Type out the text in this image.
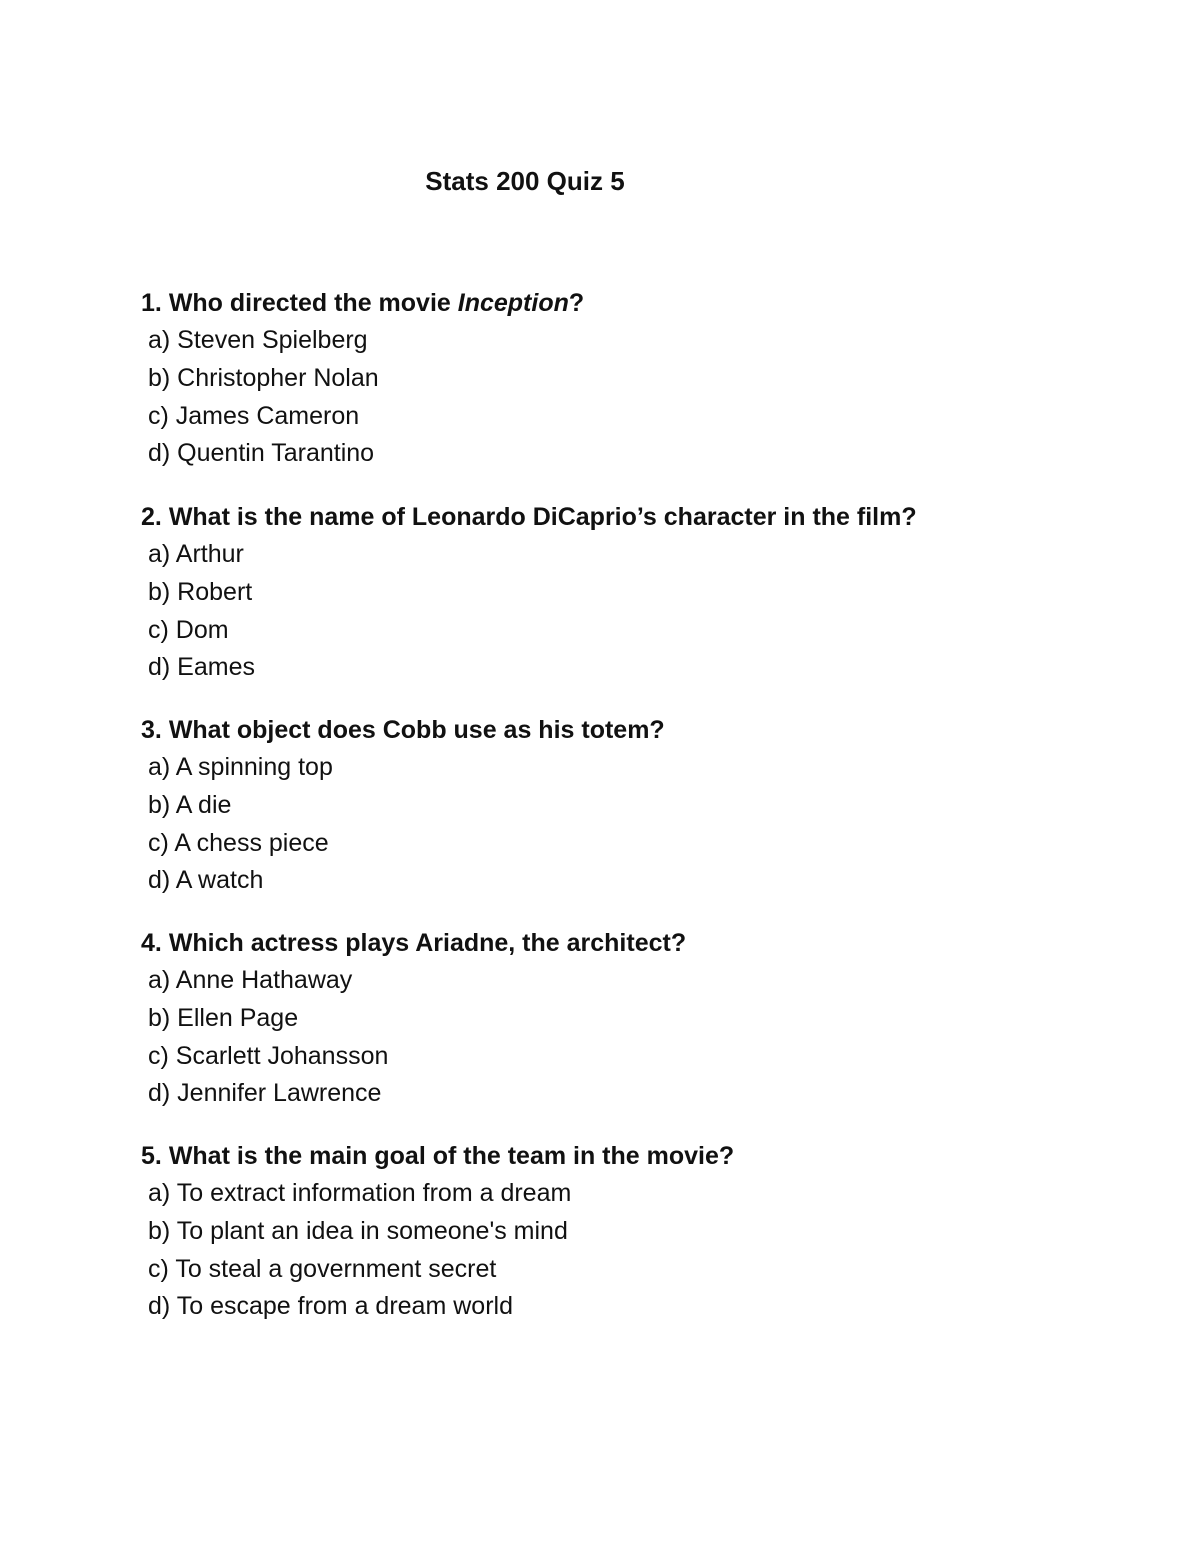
Stats 200 Quiz 5

1. Who directed the movie Inception?

a) Steven Spielberg
b) Christopher Nolan
c) James Cameron
d) Quentin Tarantino

2. What is the name of Leonardo DiCaprio’s character in the film?

a) Arthur
b) Robert
c) Dom
d) Eames

3. What object does Cobb use as his totem?

a) A spinning top
b) A die
c) A chess piece
d) A watch

4. Which actress plays Ariadne, the architect?

a) Anne Hathaway
b) Ellen Page
c) Scarlett Johansson
d) Jennifer Lawrence

5. What is the main goal of the team in the movie?

a) To extract information from a dream
b) To plant an idea in someone's mind
c) To steal a government secret
d) To escape from a dream world
